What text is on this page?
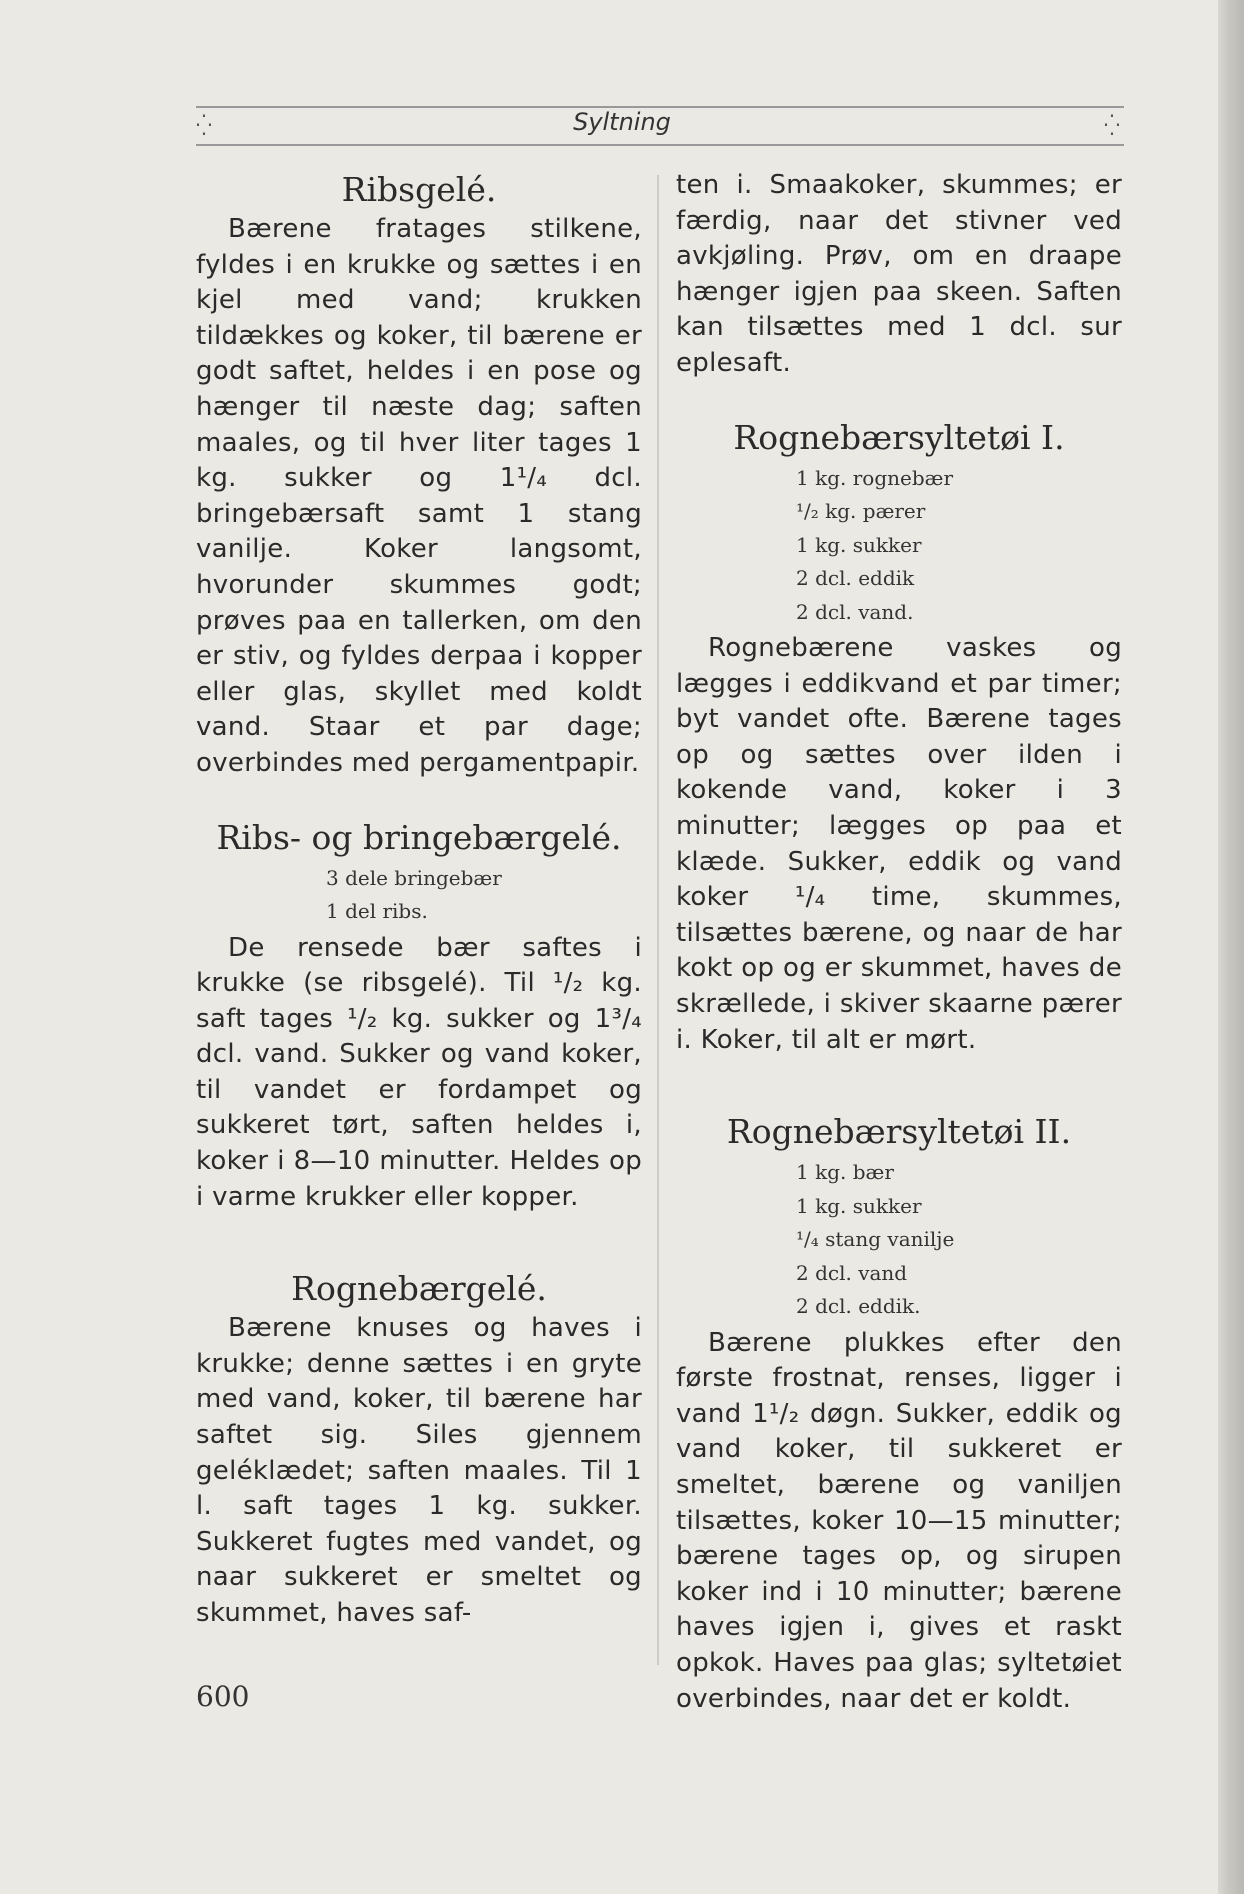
⁛	Syltning	⁛
Ribsgelé.

Bærene fratages stilkene, fyldes i en krukke og sættes i en kjel med vand; krukken tildækkes og koker, til bærene er godt saftet, heldes i en pose og hænger til næste dag; saften maales, og til hver liter tages 1 kg. sukker og 1¹/₄ dcl. bringebærsaft samt 1 stang vanilje. Koker langsomt, hvorunder skummes godt; prøves paa en tallerken, om den er stiv, og fyldes derpaa i kopper eller glas, skyllet med koldt vand. Staar et par dage; overbindes med pergamentpapir.

Ribs- og bringebærgelé.
3 dele bringebær
1 del ribs.

De rensede bær saftes i krukke (se ribsgelé). Til ¹/₂ kg. saft tages ¹/₂ kg. sukker og 1³/₄ dcl. vand. Sukker og vand koker, til vandet er fordampet og sukkeret tørt, saften heldes i, koker i 8—10 minutter. Heldes op i varme krukker eller kopper.

Rognebærgelé.

Bærene knuses og haves i krukke; denne sættes i en gryte med vand, koker, til bærene har saftet sig. Siles gjennem geléklædet; saften maales. Til 1 l. saft tages 1 kg. sukker. Sukkeret fugtes med vandet, og naar sukkeret er smeltet og skummet, haves saf-

ten i. Smaakoker, skummes; er færdig, naar det stivner ved avkjøling. Prøv, om en draape hænger igjen paa skeen. Saften kan tilsættes med 1 dcl. sur eplesaft.

Rognebærsyltetøi I.
1 kg. rognebær
¹/₂ kg. pærer
1 kg. sukker
2 dcl. eddik
2 dcl. vand.

Rognebærene vaskes og lægges i eddikvand et par timer; byt vandet ofte. Bærene tages op og sættes over ilden i kokende vand, koker i 3 minutter; lægges op paa et klæde. Sukker, eddik og vand koker ¹/₄ time, skummes, tilsættes bærene, og naar de har kokt op og er skummet, haves de skrællede, i skiver skaarne pærer i. Koker, til alt er mørt.

Rognebærsyltetøi II.
1 kg. bær
1 kg. sukker
¹/₄ stang vanilje
2 dcl. vand
2 dcl. eddik.

Bærene plukkes efter den første frostnat, renses, ligger i vand 1¹/₂ døgn. Sukker, eddik og vand koker, til sukkeret er smeltet, bærene og vaniljen tilsættes, koker 10—15 minutter; bærene tages op, og sirupen koker ind i 10 minutter; bærene haves igjen i, gives et raskt opkok. Haves paa glas; syltetøiet overbindes, naar det er koldt.

600
